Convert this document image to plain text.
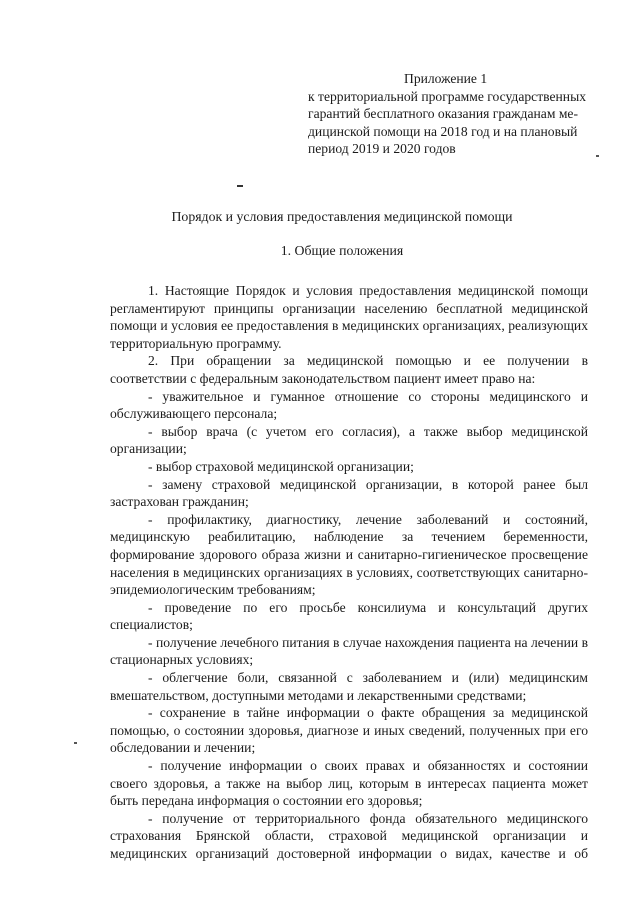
Приложение 1
к территориальной программе государственных
гарантий бесплатного оказания гражданам ме-
дицинской помощи на 2018 год и на плановый
период 2019 и 2020 годов
Порядок и условия предоставления медицинской помощи
1. Общие положения

1. Настоящие Порядок и условия предоставления медицинской помощи регламентируют принципы организации населению бесплатной медицинской помощи и условия ее предоставления в медицинских организациях, реализующих территориальную программу.

2. При обращении за медицинской помощью и ее получении в соответствии с федеральным законодательством пациент имеет право на:

- уважительное и гуманное отношение со стороны медицинского и обслуживающего персонала;

- выбор врача (с учетом его согласия), а также выбор медицинской организации;

- выбор страховой медицинской организации;

- замену страховой медицинской организации, в которой ранее был застрахован гражданин;

- профилактику, диагностику, лечение заболеваний и состояний, медицинскую реабилитацию, наблюдение за течением беременности, формирование здорового образа жизни и санитарно-гигиеническое просвещение населения в медицинских организациях в условиях, соответствующих санитарно-эпидемиологическим требованиям;

- проведение по его просьбе консилиума и консультаций других специалистов;

- получение лечебного питания в случае нахождения пациента на лечении в стационарных условиях;

- облегчение боли, связанной с заболеванием и (или) медицинским вмешательством, доступными методами и лекарственными средствами;

- сохранение в тайне информации о факте обращения за медицинской помощью, о состоянии здоровья, диагнозе и иных сведений, полученных при его обследовании и лечении;

- получение информации о своих правах и обязанностях и состоянии своего здоровья, а также на выбор лиц, которым в интересах пациента может быть передана информация о состоянии его здоровья;

- получение от территориального фонда обязательного медицинского страхования Брянской области, страховой медицинской организации и медицинских организаций достоверной информации о видах, качестве и об
